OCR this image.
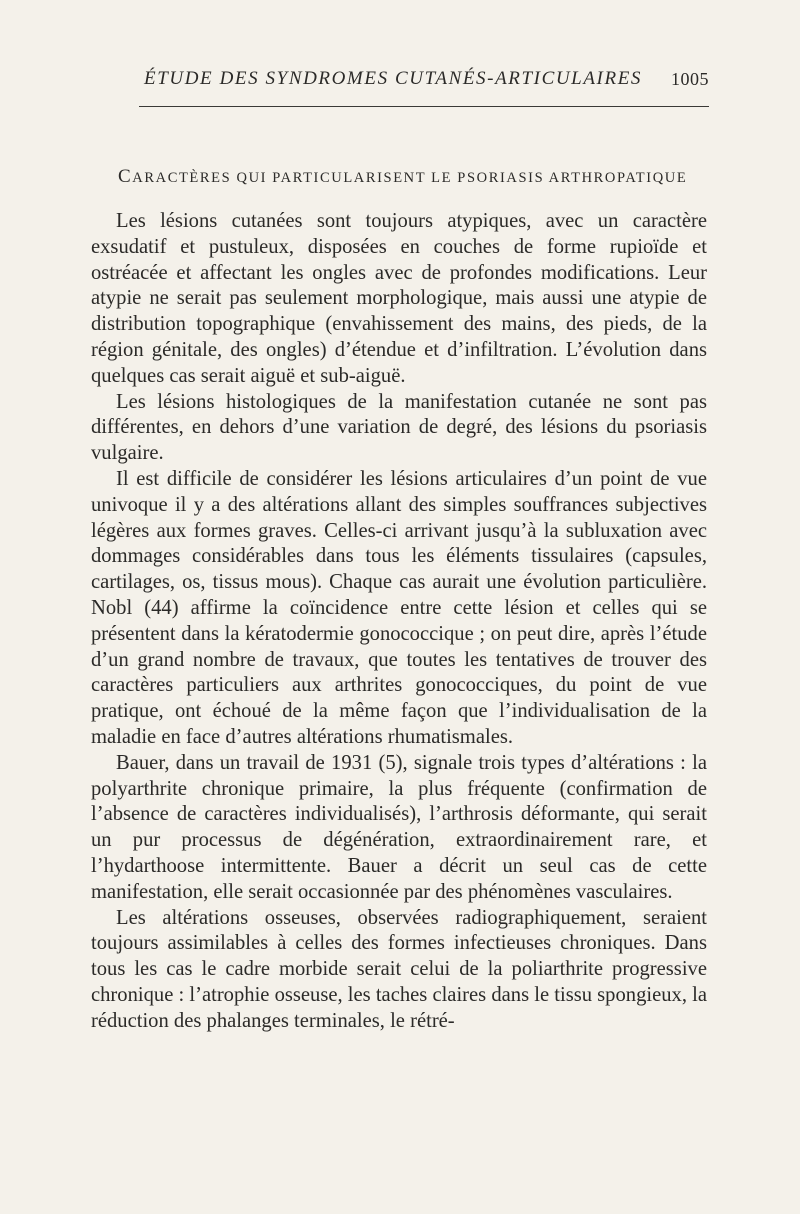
ÉTUDE DES SYNDROMES CUTANÉS-ARTICULAIRES 1005
CARACTÈRES QUI PARTICULARISENT LE PSORIASIS ARTHROPATIQUE

Les lésions cutanées sont toujours atypiques, avec un caractère exsudatif et pustuleux, disposées en couches de forme rupioïde et ostréacée et affectant les ongles avec de profondes modifications. Leur atypie ne serait pas seulement morphologique, mais aussi une atypie de distribution topographique (envahissement des mains, des pieds, de la région génitale, des ongles) d’étendue et d’infiltration. L’évolution dans quelques cas serait aiguë et sub-aiguë.

Les lésions histologiques de la manifestation cutanée ne sont pas différentes, en dehors d’une variation de degré, des lésions du psoriasis vulgaire.

Il est difficile de considérer les lésions articulaires d’un point de vue univoque il y a des altérations allant des simples souffrances subjectives légères aux formes graves. Celles-ci arrivant jusqu’à la subluxation avec dommages considérables dans tous les éléments tissulaires (capsules, cartilages, os, tissus mous). Chaque cas aurait une évolution particulière. Nobl (44) affirme la coïncidence entre cette lésion et celles qui se présentent dans la kératodermie gonococcique ; on peut dire, après l’étude d’un grand nombre de travaux, que toutes les tentatives de trouver des caractères particuliers aux arthrites gonococciques, du point de vue pratique, ont échoué de la même façon que l’individualisation de la maladie en face d’autres altérations rhumatismales.

Bauer, dans un travail de 1931 (5), signale trois types d’altérations : la polyarthrite chronique primaire, la plus fréquente (confirmation de l’absence de caractères individualisés), l’arthrosis déformante, qui serait un pur processus de dégénération, extraordinairement rare, et l’hydarthoose intermittente. Bauer a décrit un seul cas de cette manifestation, elle serait occasionnée par des phénomènes vasculaires.

Les altérations osseuses, observées radiographiquement, seraient toujours assimilables à celles des formes infectieuses chroniques. Dans tous les cas le cadre morbide serait celui de la poliarthrite progressive chronique : l’atrophie osseuse, les taches claires dans le tissu spongieux, la réduction des phalanges terminales, le rétré-
